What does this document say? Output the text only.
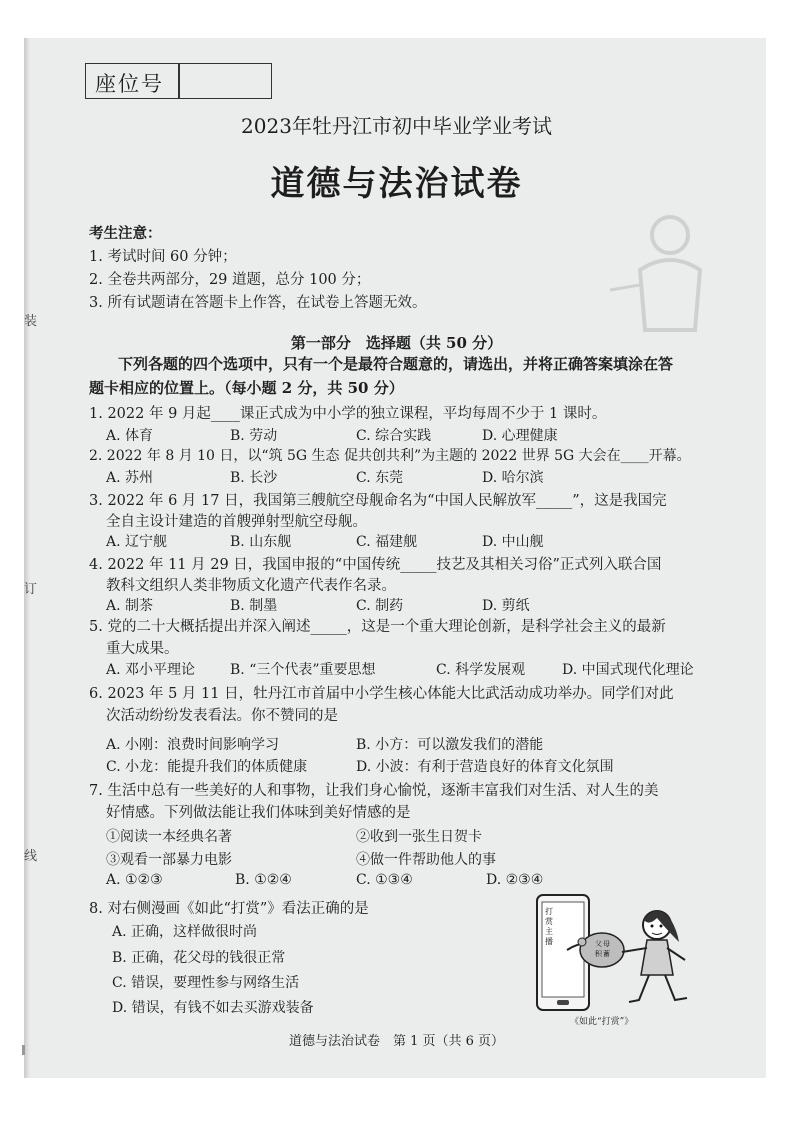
座位号
2023年牡丹江市初中毕业学业考试
道德与法治试卷
考生注意：
1. 考试时间 60 分钟；
2. 全卷共两部分，29 道题，总分 100 分；
3. 所有试题请在答题卡上作答，在试卷上答题无效。
装
订
线
第一部分　选择题（共 50 分）
下列各题的四个选项中，只有一个是最符合题意的，请选出，并将正确答案填涂在答
题卡相应的位置上。（每小题 2 分，共 50 分）
1. 2022 年 9 月起____课正式成为中小学的独立课程，平均每周不少于 1 课时。
A. 体育	B. 劳动	C. 综合实践	D. 心理健康
2. 2022 年 8 月 10 日，以“筑 5G 生态 促共创共利”为主题的 2022 世界 5G 大会在____开幕。
A. 苏州	B. 长沙	C. 东莞	D. 哈尔滨
3. 2022 年 6 月 17 日，我国第三艘航空母舰命名为“中国人民解放军_____”，这是我国完
全自主设计建造的首艘弹射型航空母舰。
A. 辽宁舰	B. 山东舰	C. 福建舰	D. 中山舰
4. 2022 年 11 月 29 日，我国申报的“中国传统_____技艺及其相关习俗”正式列入联合国
教科文组织人类非物质文化遗产代表作名录。
A. 制茶	B. 制墨	C. 制药	D. 剪纸
5. 党的二十大概括提出并深入阐述_____，这是一个重大理论创新，是科学社会主义的最新
重大成果。
A. 邓小平理论 B. “三个代表”重要思想	C. 科学发展观	D. 中国式现代化理论
6. 2023 年 5 月 11 日，牡丹江市首届中小学生核心体能大比武活动成功举办。同学们对此
次活动纷纷发表看法。你不赞同的是
A. 小刚：浪费时间影响学习	B. 小方：可以激发我们的潜能
C. 小龙：能提升我们的体质健康	D. 小波：有利于营造良好的体育文化氛围
7. 生活中总有一些美好的人和事物，让我们身心愉悦，逐渐丰富我们对生活、对人生的美
好情感。下列做法能让我们体味到美好情感的是
①阅读一本经典名著	②收到一张生日贺卡
③观看一部暴力电影	④做一件帮助他人的事
A. ①②③	B. ①②④	C. ①③④	D. ②③④
8. 对右侧漫画《如此“打赏”》看法正确的是
A. 正确，这样做很时尚
B. 正确，花父母的钱很正常
C. 错误，要理性参与网络生活
D. 错误，有钱不如去买游戏装备
打
赏
主
播	父 母
积 蓄
《如此“打赏”》
道德与法治试卷　第 1 页（共 6 页）
